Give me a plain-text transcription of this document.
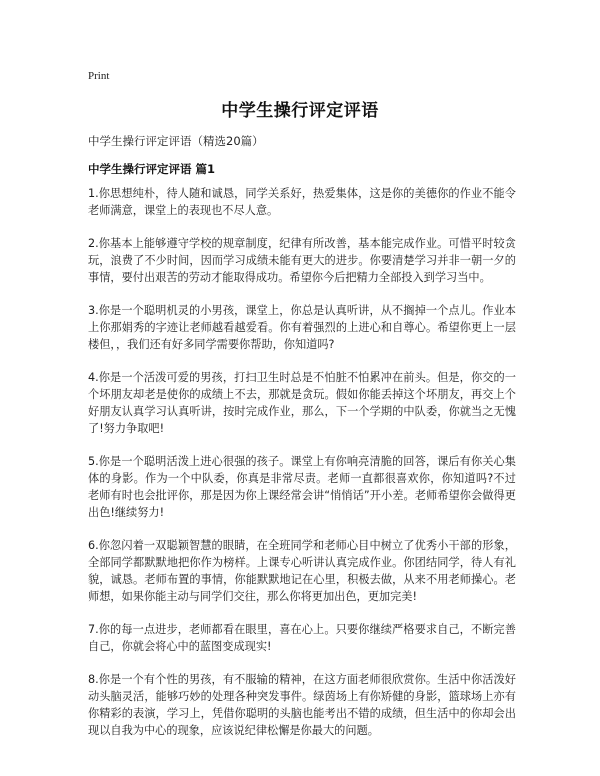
Print
中学生操行评定评语
中学生操行评定评语（精选20篇）
中学生操行评定评语 篇1

1.你思想纯朴，待人随和诚恳，同学关系好，热爱集体，这是你的美德你的作业不能令老师满意，课堂上的表现也不尽人意。

2.你基本上能够遵守学校的规章制度，纪律有所改善，基本能完成作业。可惜平时较贪玩，浪费了不少时间，因而学习成绩未能有更大的进步。你要清楚学习并非一朝一夕的事情，要付出艰苦的劳动才能取得成功。希望你今后把精力全部投入到学习当中。

3.你是一个聪明机灵的小男孩，课堂上，你总是认真听讲，从不搁掉一个点儿。作业本上你那娟秀的字迹让老师越看越爱看。你有着强烈的上进心和自尊心。希望你更上一层楼但，，我们还有好多同学需要你帮助，你知道吗?

4.你是一个活泼可爱的男孩，打扫卫生时总是不怕脏不怕累冲在前头。但是，你交的一个坏朋友却老是使你的成绩上不去，那就是贪玩。假如你能丢掉这个坏朋友，再交上个好朋友认真学习认真听讲，按时完成作业，那么，下一个学期的中队委，你就当之无愧了!努力争取吧!

5.你是一个聪明活泼上进心很强的孩子。课堂上有你响亮清脆的回答，课后有你关心集体的身影。作为一个中队委，你真是非常尽责。老师一直都很喜欢你，你知道吗?不过老师有时也会批评你，那是因为你上课经常会讲“悄悄话”开小差。老师希望你会做得更出色!继续努力!

6.你忽闪着一双聪颖智慧的眼睛，在全班同学和老师心目中树立了优秀小干部的形象，全部同学都默默地把你作为榜样。上课专心听讲认真完成作业。你团结同学，待人有礼貌，诚恳。老师布置的事情，你能默默地记在心里，积极去做，从来不用老师操心。老师想，如果你能主动与同学们交往，那么你将更加出色，更加完美!

7.你的每一点进步，老师都看在眼里，喜在心上。只要你继续严格要求自己，不断完善自己，你就会将心中的蓝图变成现实!

8.你是一个有个性的男孩，有不服输的精神，在这方面老师很欣赏你。生活中你活泼好动头脑灵活，能够巧妙的处理各种突发事件。绿茵场上有你矫健的身影，篮球场上亦有你精彩的表演，学习上，凭借你聪明的头脑也能考出不错的成绩，但生活中的你却会出现以自我为中心的现象，应该说纪律松懈是你最大的问题。
